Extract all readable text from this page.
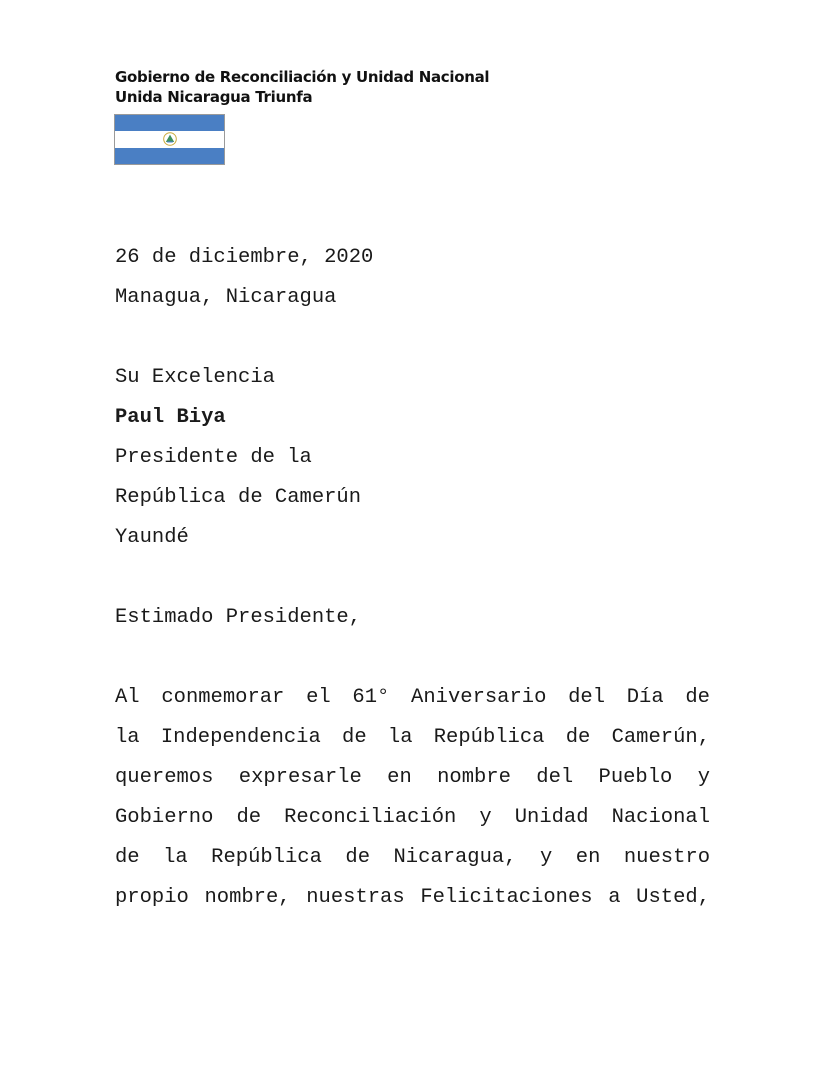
Gobierno de Reconciliación y Unidad Nacional
Unida Nicaragua Triunfa
26 de diciembre, 2020
Managua, Nicaragua
Su Excelencia
Paul Biya
Presidente de la
República de Camerún
Yaundé
Estimado Presidente,
Al conmemorar el 61° Aniversario del Día de
la Independencia de la República de Camerún,
queremos expresarle en nombre del Pueblo y
Gobierno de Reconciliación y Unidad Nacional
de la República de Nicaragua, y en nuestro
propio nombre, nuestras Felicitaciones a Usted,
